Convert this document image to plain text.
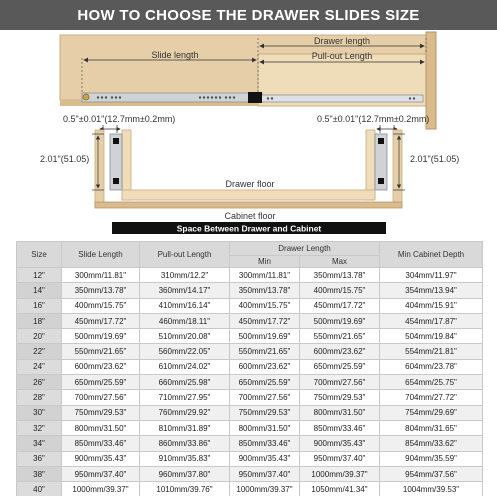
HOW TO CHOOSE THE DRAWER SLIDES SIZE
Drawer length
Slide length	Pull-out Length
0.5"±0.01"(12.7mm±0.2mm)	0.5"±0.01"(12.7mm±0.2mm)
Drawer floor
Cabinet floor
2.01"(51.05)	2.01"(51.05)
Space Between Drawer and Cabinet
Size	Slide Length	Pull-out Length	Drawer Length		Min Cabinet Depth
			Min	Max	
12"	300mm/11.81"	310mm/12.2"	300mm/11.81"	350mm/13.78"	304mm/11.97"
14"	350mm/13.78"	360mm/14.17"	350mm/13.78"	400mm/15.75"	354mm/13.94"
16"	400mm/15.75"	410mm/16.14"	400mm/15.75"	450mm/17.72"	404mm/15.91"
18"	450mm/17.72"	460mm/18.11"	450mm/17.72"	500mm/19.69"	454mm/17.87"
20"	500mm/19.69"	510mm/20.08"	500mm/19.69"	550mm/21.65"	504mm/19.84"
22"	550mm/21.65"	560mm/22.05"	550mm/21.65"	600mm/23.62"	554mm/21.81"
24"	600mm/23.62"	610mm/24.02"	600mm/23.62"	650mm/25.59"	604mm/23.78"
26"	650mm/25.59"	660mm/25.98"	650mm/25.59"	700mm/27.56"	654mm/25.75"
28"	700mm/27.56"	710mm/27.95"	700mm/27.56"	750mm/29.53"	704mm/27.72"
30"	750mm/29.53"	760mm/29.92"	750mm/29.53"	800mm/31.50"	754mm/29.69"
32"	800mm/31.50"	810mm/31.89"	800mm/31.50"	850mm/33.46"	804mm/31.65"
34"	850mm/33.46"	860mm/33.86"	850mm/33.46"	900mm/35.43"	854mm/33.62"
36"	900mm/35.43"	910mm/35.83"	900mm/35.43"	950mm/37.40"	904mm/35.59"
38"	950mm/37.40"	960mm/37.80"	950mm/37.40"	1000mm/39.37"	954mm/37.56"
40"	1000mm/39.37"	1010mm/39.76"	1000mm/39.37"	1050mm/41.34"	1004mm/39.53"
